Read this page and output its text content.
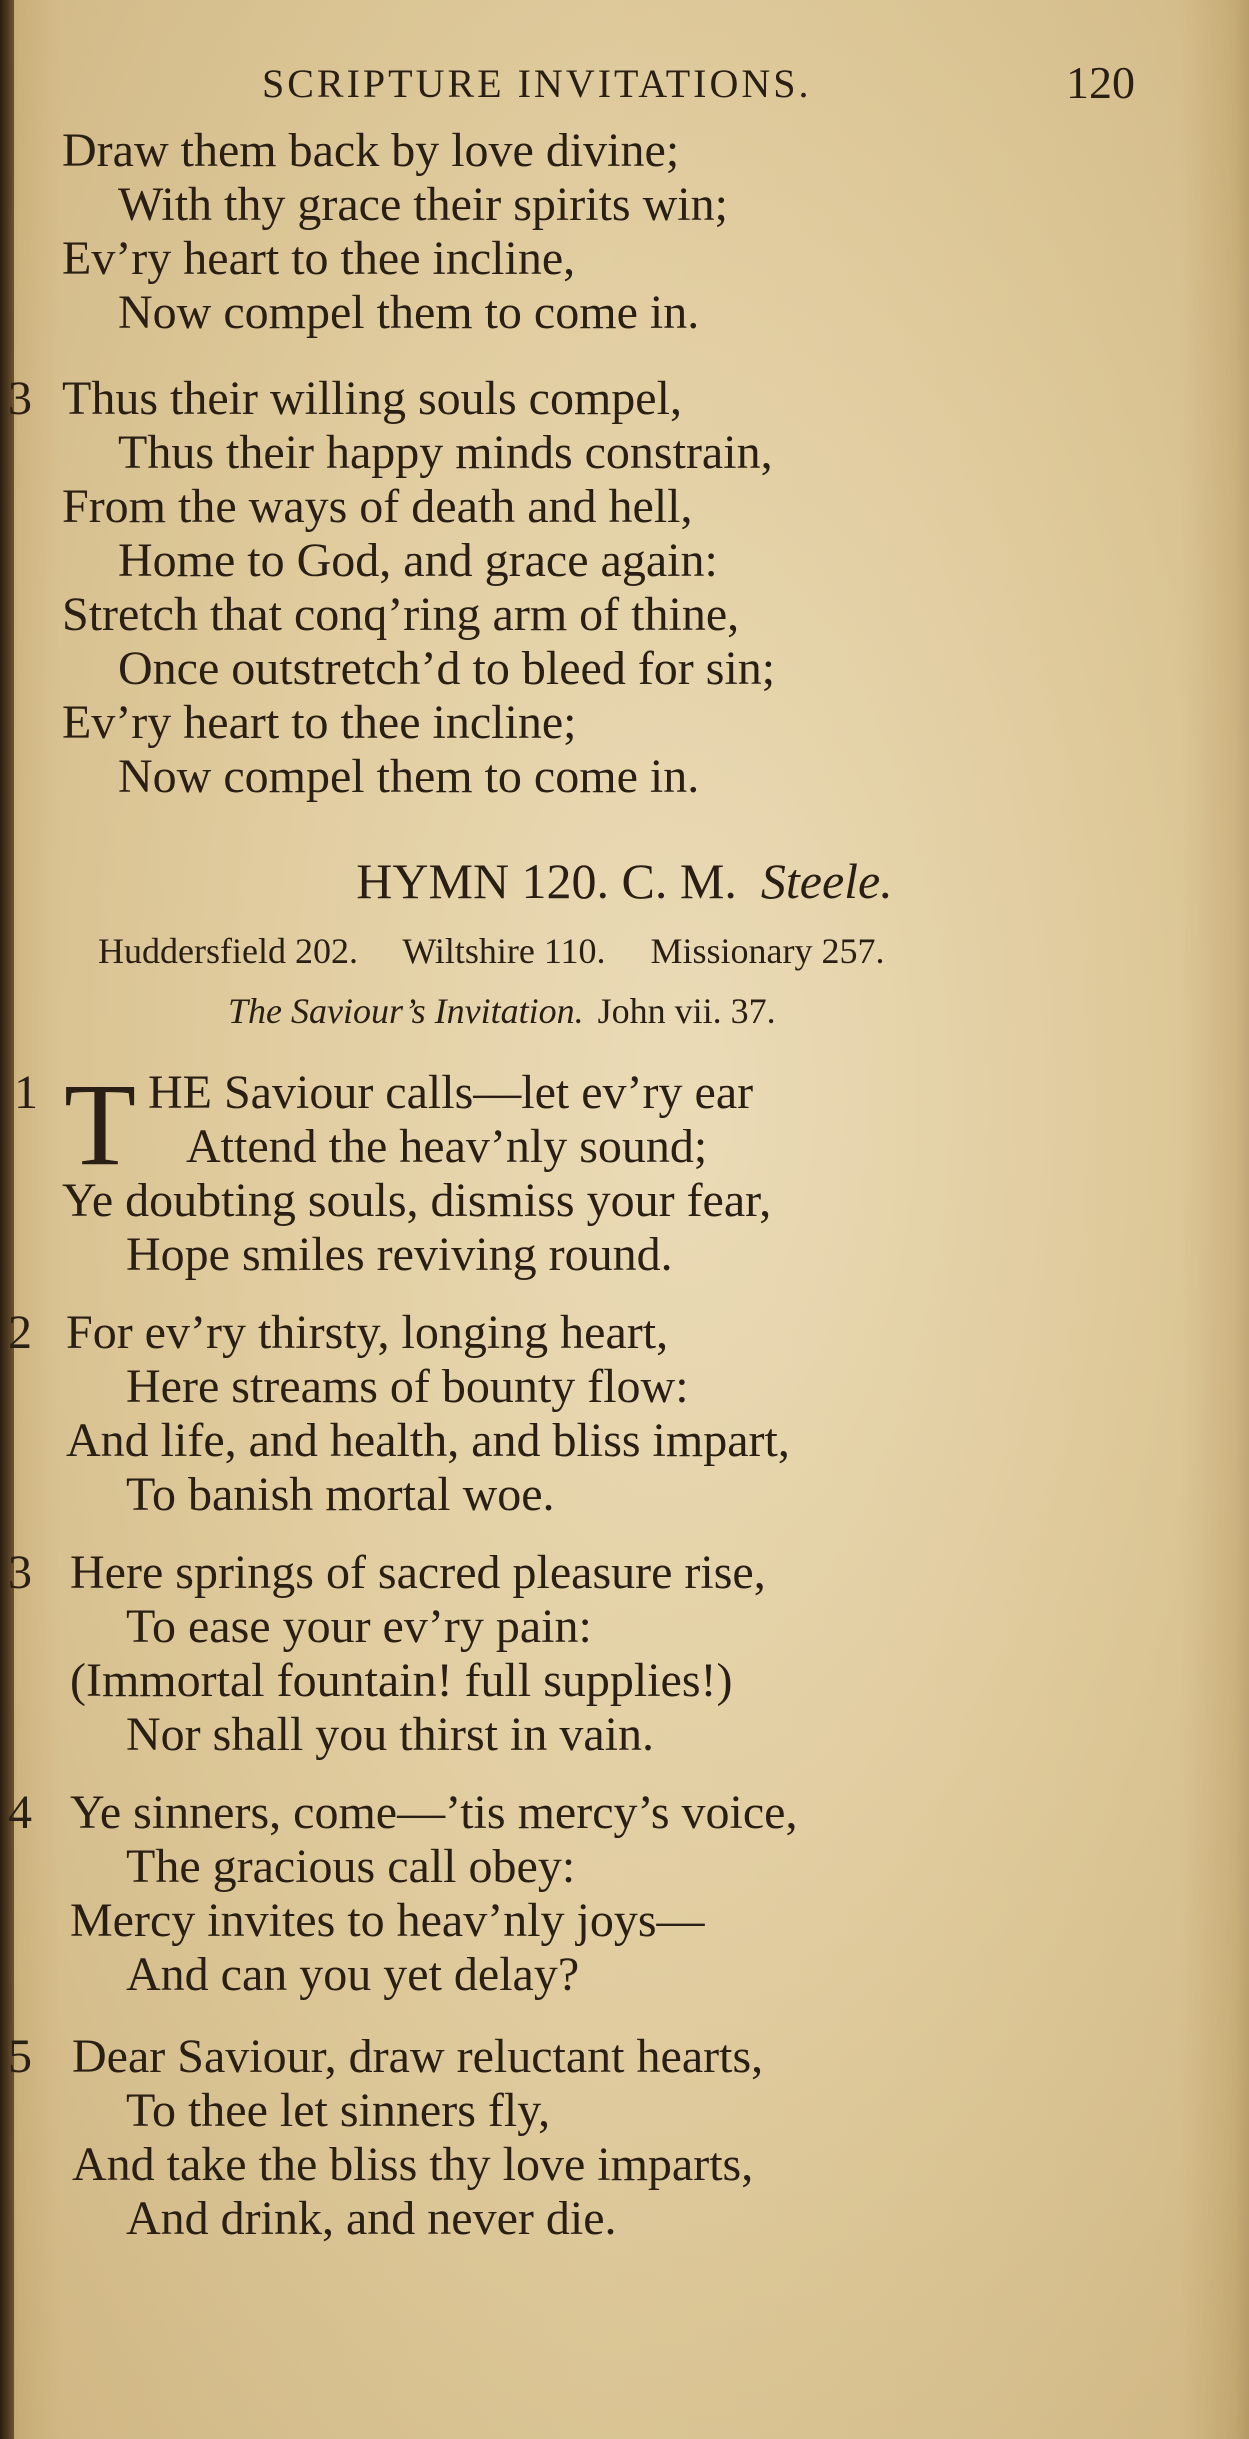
SCRIPTURE INVITATIONS.	120
Draw them back by love divine;
With thy grace their spirits win;
Ev’ry heart to thee incline,
Now compel them to come in.
3 Thus their willing souls compel,
Thus their happy minds constrain,
From the ways of death and hell,
Home to God, and grace again:
Stretch that conq’ring arm of thine,
Once outstretch’d to bleed for sin;
Ev’ry heart to thee incline;
Now compel them to come in.
HYMN 120. C. M. Steele.
Huddersfield 202. Wiltshire 110. Missionary 257.
The Saviour’s Invitation. John vii. 37.
1 T HE Saviour calls—let ev’ry ear
Attend the heav’nly sound;
Ye doubting souls, dismiss your fear,
Hope smiles reviving round.
2 For ev’ry thirsty, longing heart,
Here streams of bounty flow:
And life, and health, and bliss impart,
To banish mortal woe.
3 Here springs of sacred pleasure rise,
To ease your ev’ry pain:
(Immortal fountain! full supplies!)
Nor shall you thirst in vain.
4 Ye sinners, come—’tis mercy’s voice,
The gracious call obey:
Mercy invites to heav’nly joys—
And can you yet delay?
5 Dear Saviour, draw reluctant hearts,
To thee let sinners fly,
And take the bliss thy love imparts,
And drink, and never die.
